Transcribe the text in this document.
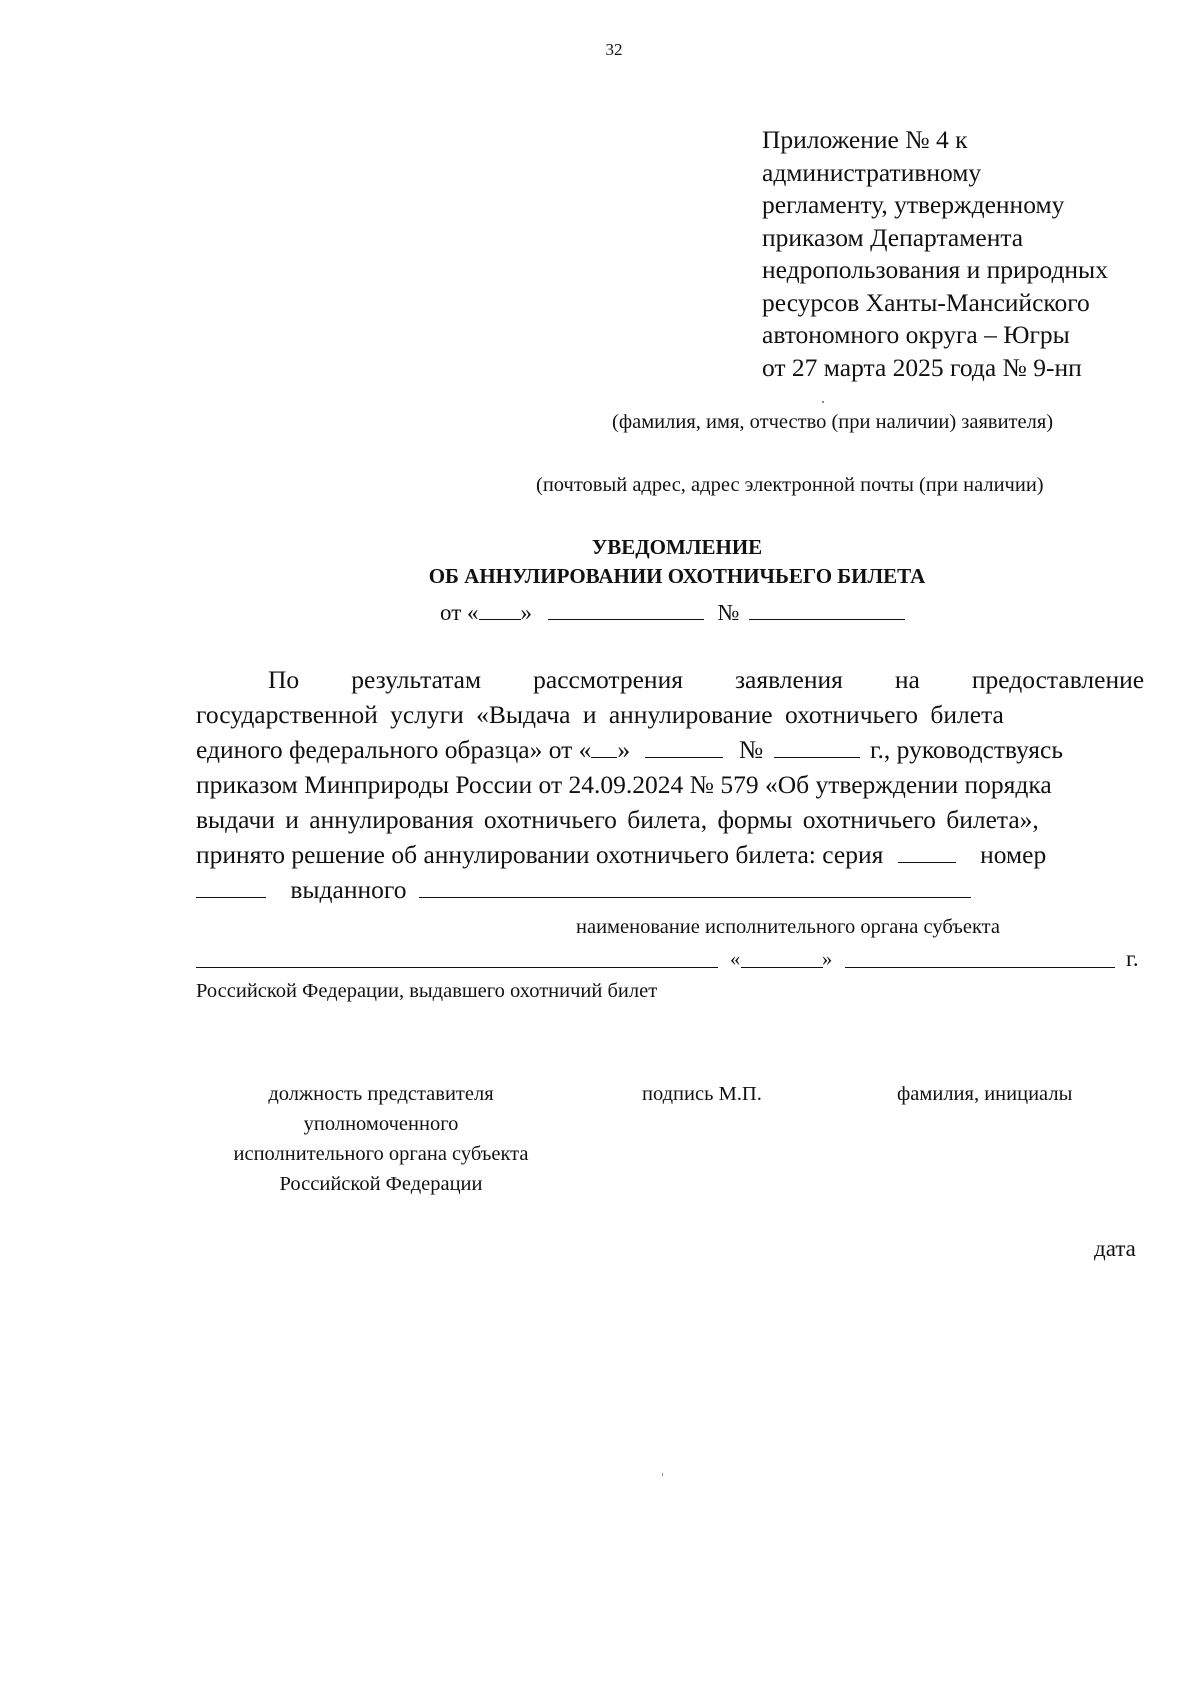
32
Приложение № 4 к
административному
регламенту, утвержденному
приказом Департамента
недропользования и природных
ресурсов Ханты-Мансийского
автономного округа – Югры
от 27 марта 2025 года № 9-нп
(фамилия, имя, отчество (при наличии) заявителя)
(почтовый адрес, адрес электронной почты (при наличии)
УВЕДОМЛЕНИЕ
ОБ АННУЛИРОВАНИИ ОХОТНИЧЬЕГО БИЛЕТА
от « »	№
По результатам рассмотрения заявления на предоставление
государственной услуги «Выдача и аннулирование охотничьего билета
единого федерального образца» от « »	№	г., руководствуясь
приказом Минприроды России от 24.09.2024 № 579 «Об утверждении порядка
выдачи и аннулирования охотничьего билета, формы охотничьего билета»,
принято решение об аннулировании охотничьего билета: серия	номер
выданного
наименование исполнительного органа субъекта
«	»	г.
Российской Федерации, выдавшего охотничий билет
должность представителя
уполномоченного
исполнительного органа субъекта
Российской Федерации
подпись М.П.	фамилия, инициалы
дата
